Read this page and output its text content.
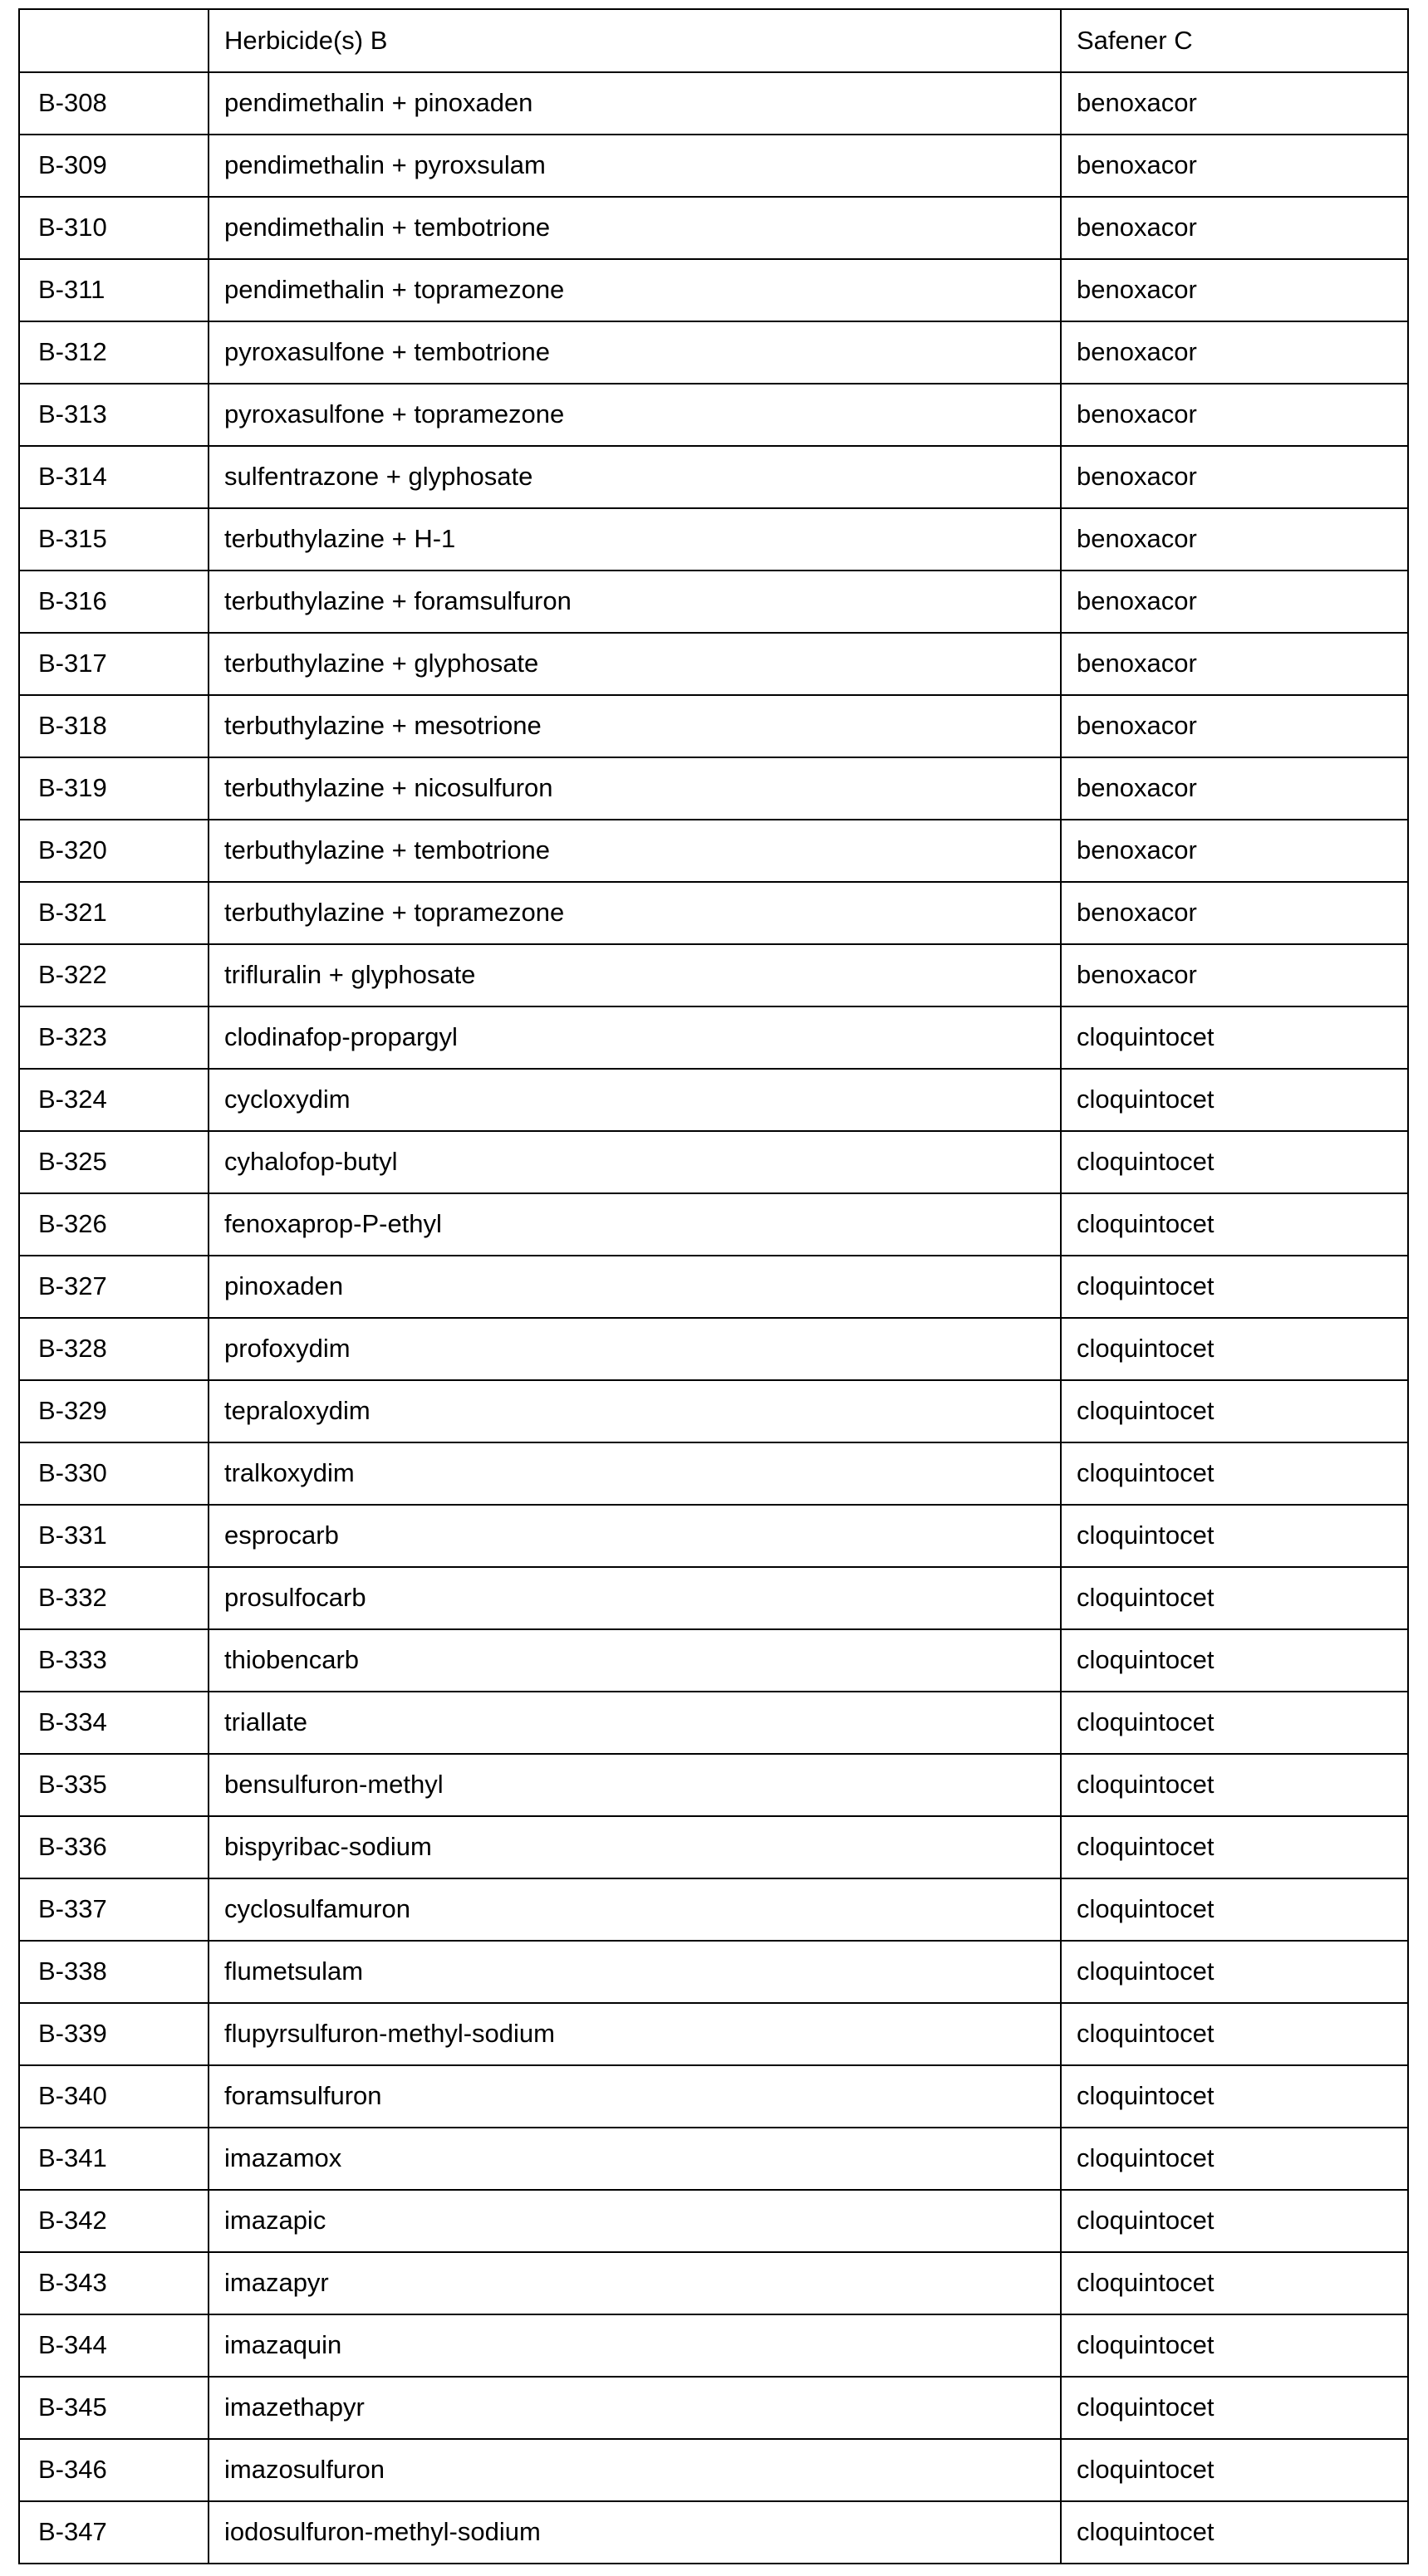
	Herbicide(s) B	Safener C
B-308	pendimethalin + pinoxaden	benoxacor
B-309	pendimethalin + pyroxsulam	benoxacor
B-310	pendimethalin + tembotrione	benoxacor
B-311	pendimethalin + topramezone	benoxacor
B-312	pyroxasulfone + tembotrione	benoxacor
B-313	pyroxasulfone + topramezone	benoxacor
B-314	sulfentrazone + glyphosate	benoxacor
B-315	terbuthylazine + H-1	benoxacor
B-316	terbuthylazine + foramsulfuron	benoxacor
B-317	terbuthylazine + glyphosate	benoxacor
B-318	terbuthylazine + mesotrione	benoxacor
B-319	terbuthylazine + nicosulfuron	benoxacor
B-320	terbuthylazine + tembotrione	benoxacor
B-321	terbuthylazine + topramezone	benoxacor
B-322	trifluralin + glyphosate	benoxacor
B-323	clodinafop-propargyl	cloquintocet
B-324	cycloxydim	cloquintocet
B-325	cyhalofop-butyl	cloquintocet
B-326	fenoxaprop-P-ethyl	cloquintocet
B-327	pinoxaden	cloquintocet
B-328	profoxydim	cloquintocet
B-329	tepraloxydim	cloquintocet
B-330	tralkoxydim	cloquintocet
B-331	esprocarb	cloquintocet
B-332	prosulfocarb	cloquintocet
B-333	thiobencarb	cloquintocet
B-334	triallate	cloquintocet
B-335	bensulfuron-methyl	cloquintocet
B-336	bispyribac-sodium	cloquintocet
B-337	cyclosulfamuron	cloquintocet
B-338	flumetsulam	cloquintocet
B-339	flupyrsulfuron-methyl-sodium	cloquintocet
B-340	foramsulfuron	cloquintocet
B-341	imazamox	cloquintocet
B-342	imazapic	cloquintocet
B-343	imazapyr	cloquintocet
B-344	imazaquin	cloquintocet
B-345	imazethapyr	cloquintocet
B-346	imazosulfuron	cloquintocet
B-347	iodosulfuron-methyl-sodium	cloquintocet
